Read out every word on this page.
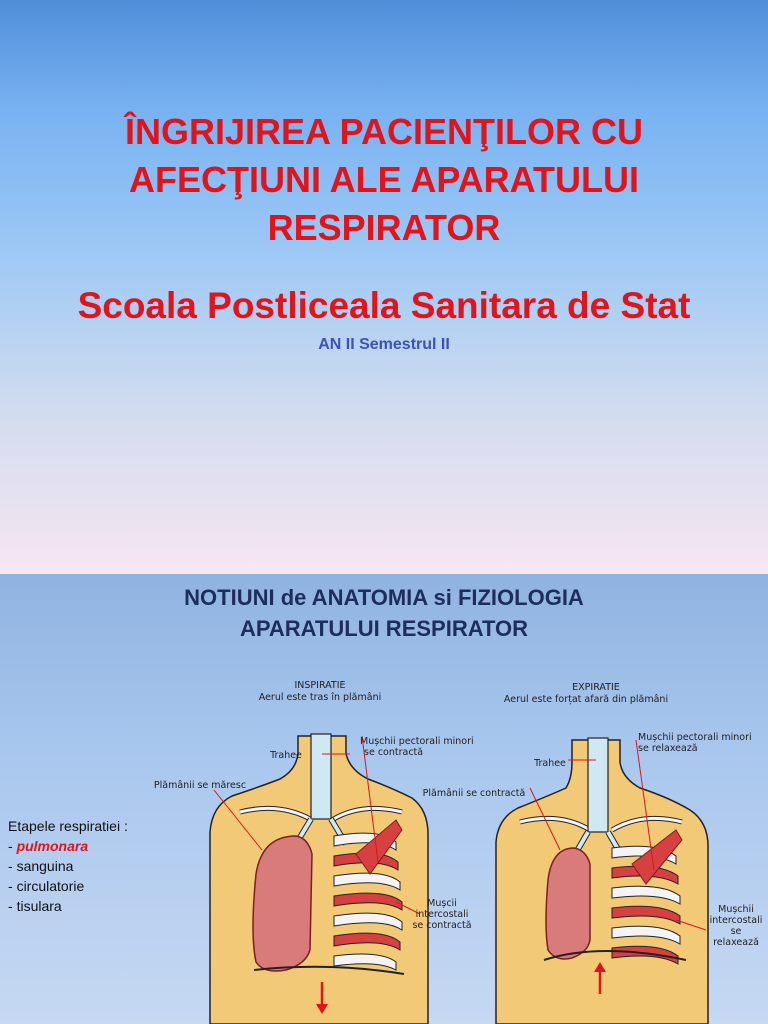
ÎNGRIJIREA PACIENŢILOR CU
AFECŢIUNI ALE APARATULUI
RESPIRATOR
Scoala Postliceala Sanitara de Stat
AN II Semestrul II
NOTIUNI de ANATOMIA si FIZIOLOGIA
APARATULUI RESPIRATOR
INSPIRATIE
Aerul este tras în plămâni
Trahee
Plămânii se măresc
Mușchii pectorali minori
se contractă
Mușcii
intercostali
se contractă
EXPIRATIE
Aerul este forțat afară din plămâni
Trahee
Plămânii se contractă
Mușchii pectorali minori
se relaxează
Mușchii
intercostali
se
relaxează
Etapele respiratiei :
- pulmonara
- sanguina
- circulatorie
- tisulara
